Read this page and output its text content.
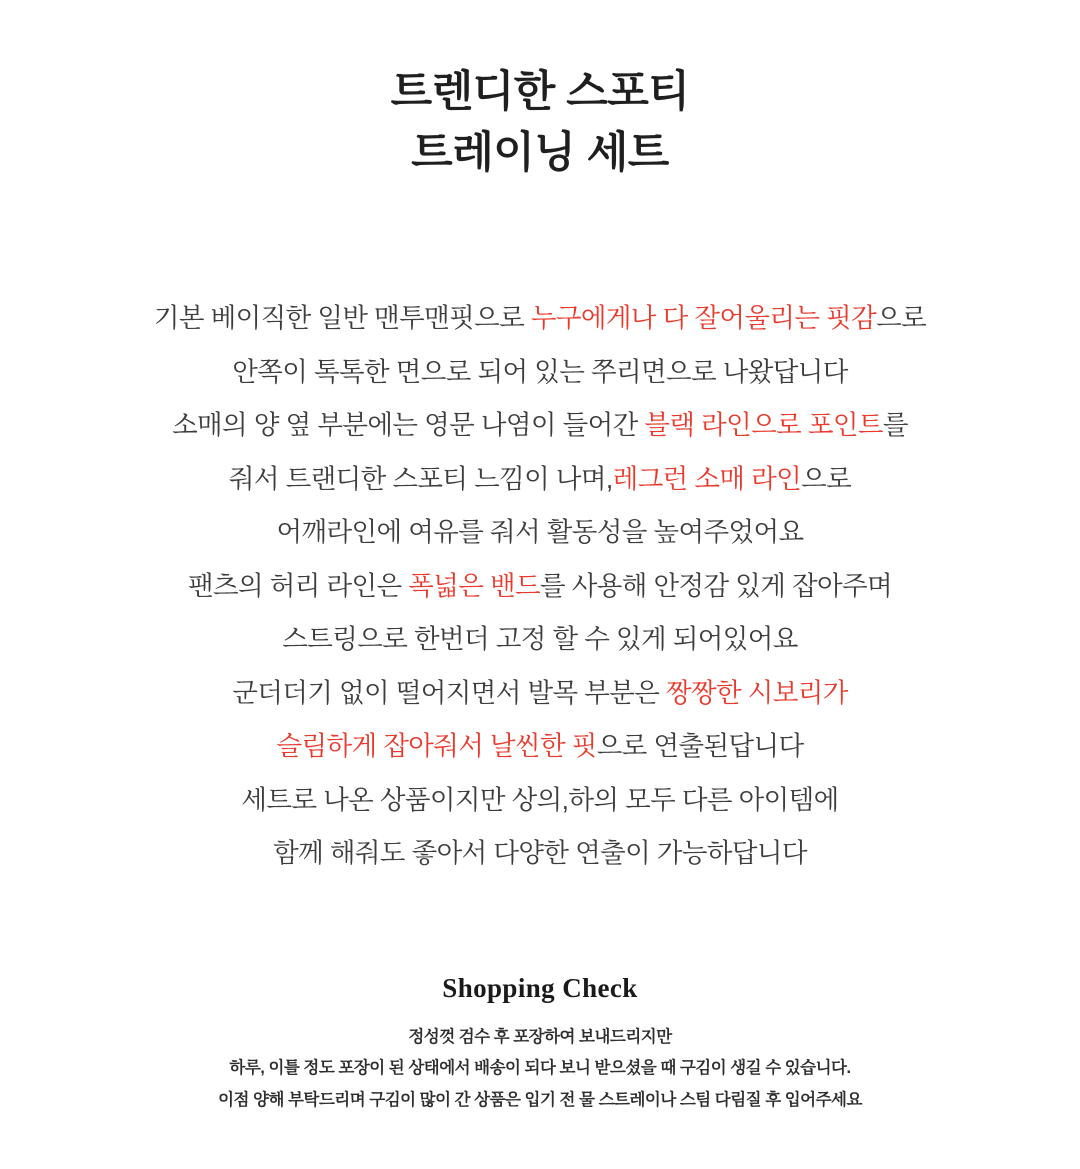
트렌디한 스포티
트레이닝 세트
기본 베이직한 일반 맨투맨핏으로 누구에게나 다 잘어울리는 핏감으로
안쪽이 톡톡한 면으로 되어 있는 쭈리면으로 나왔답니다
소매의 양 옆 부분에는 영문 나염이 들어간 블랙 라인으로 포인트를
줘서 트랜디한 스포티 느낌이 나며,레그런 소매 라인으로
어깨라인에 여유를 줘서 활동성을 높여주었어요
팬츠의 허리 라인은 폭넓은 밴드를 사용해 안정감 있게 잡아주며
스트링으로 한번더 고정 할 수 있게 되어있어요
군더더기 없이 떨어지면서 발목 부분은 짱짱한 시보리가
슬림하게 잡아줘서 날씬한 핏으로 연출된답니다
세트로 나온 상품이지만 상의,하의 모두 다른 아이템에
함께 해줘도 좋아서 다양한 연출이 가능하답니다
Shopping Check
정성껏 검수 후 포장하여 보내드리지만
하루, 이틀 정도 포장이 된 상태에서 배송이 되다 보니 받으셨을 때 구김이 생길 수 있습니다.
이점 양해 부탁드리며 구김이 많이 간 상품은 입기 전 물 스트레이나 스팀 다림질 후 입어주세요
